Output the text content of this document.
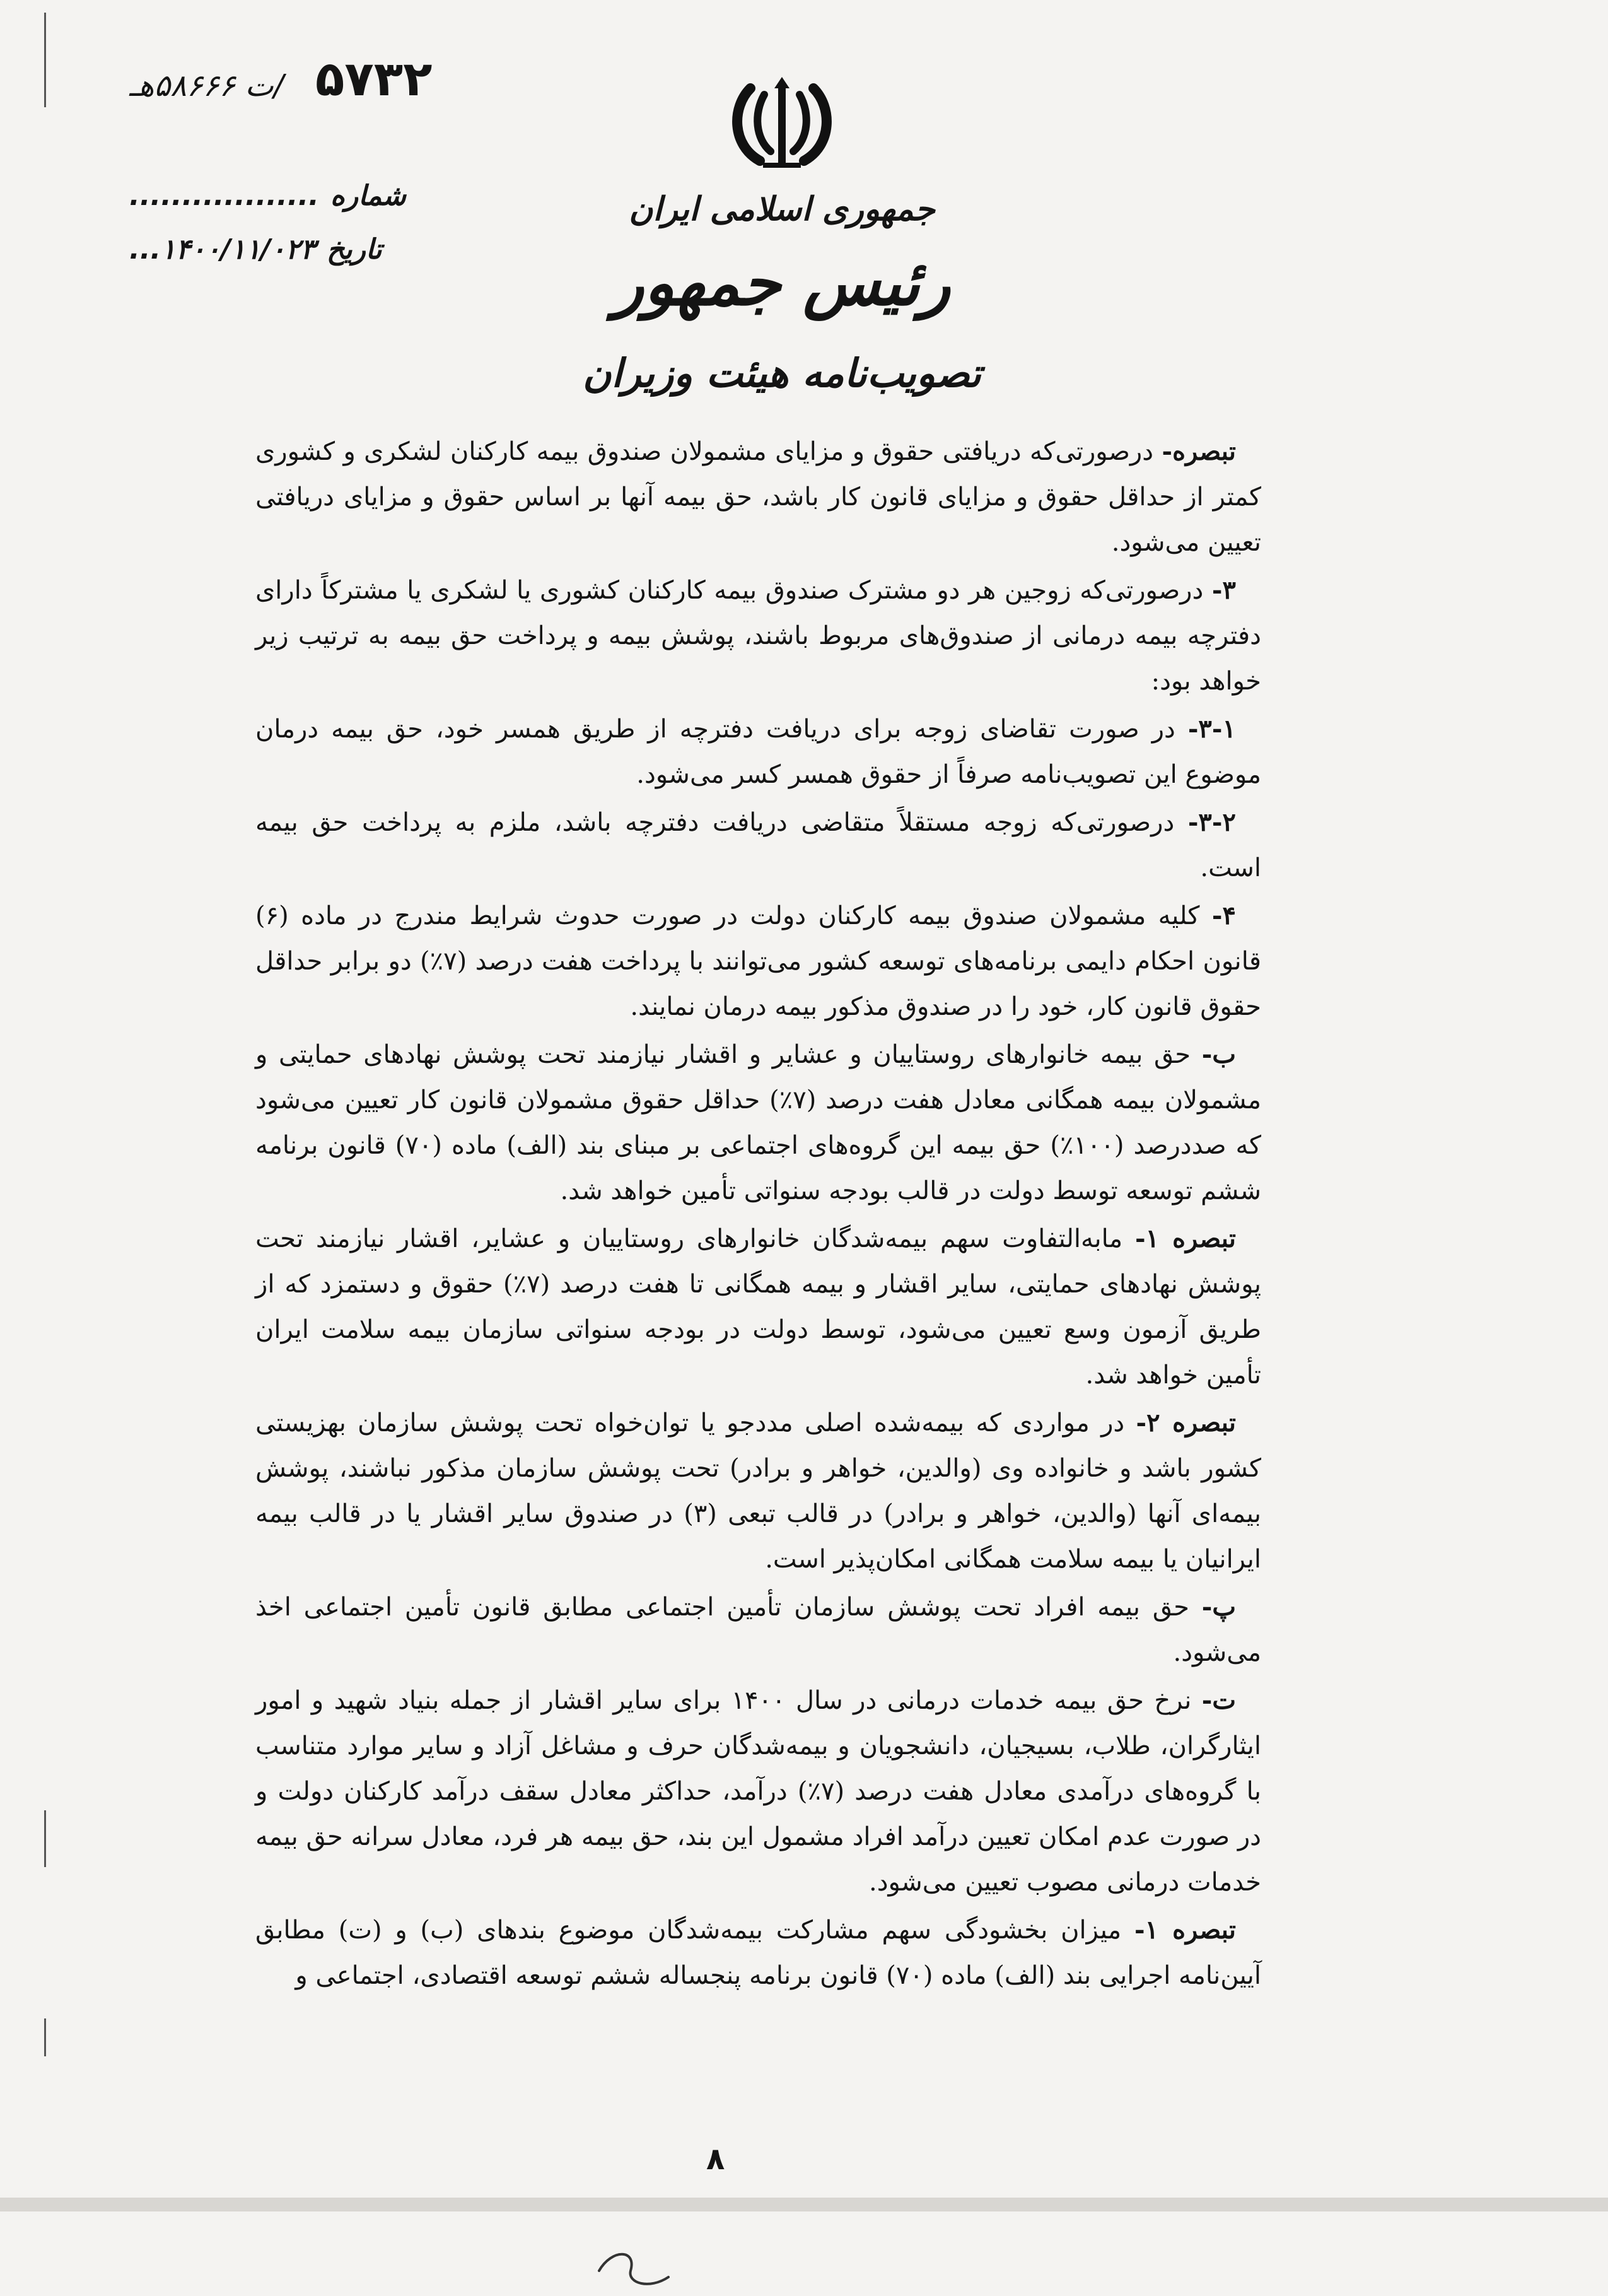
۵۷۳۲
/ت ۵۸۶۶۶هـ
شماره
..................
تاریخ
۱۴۰۰/۱۱/۰۲۳...
جمهوری اسلامی ایران
رئیس جمهور
تصویب‌نامه هیئت وزیران

تبصره- درصورتی‌که دریافتی حقوق و مزایای مشمولان صندوق بیمه کارکنان لشکری و کشوری کمتر از حداقل حقوق و مزایای قانون کار باشد، حق بیمه آنها بر اساس حقوق و مزایای دریافتی تعیین می‌شود.

۳- درصورتی‌که زوجین هر دو مشترک صندوق بیمه کارکنان کشوری یا لشکری یا مشترکاً دارای دفترچه بیمه درمانی از صندوق‌های مربوط باشند، پوشش بیمه و پرداخت حق بیمه به ترتیب زیر خواهد بود:

۳-۱- در صورت تقاضای زوجه برای دریافت دفترچه از طریق همسر خود، حق بیمه درمان موضوع این تصویب‌نامه صرفاً از حقوق همسر کسر می‌شود.

۳-۲- درصورتی‌که زوجه مستقلاً متقاضی دریافت دفترچه باشد، ملزم به پرداخت حق بیمه است.

۴- کلیه مشمولان صندوق بیمه کارکنان دولت در صورت حدوث شرایط مندرج در ماده (۶) قانون احکام دایمی برنامه‌های توسعه کشور می‌توانند با پرداخت هفت درصد (۷٪) دو برابر حداقل حقوق قانون کار، خود را در صندوق مذکور بیمه درمان نمایند.

ب- حق بیمه خانوارهای روستاییان و عشایر و اقشار نیازمند تحت پوشش نهادهای حمایتی و مشمولان بیمه همگانی معادل هفت درصد (۷٪) حداقل حقوق مشمولان قانون کار تعیین می‌شود که صددرصد (۱۰۰٪) حق بیمه این گروه‌های اجتماعی بر مبنای بند (الف) ماده (۷۰) قانون برنامه ششم توسعه توسط دولت در قالب بودجه سنواتی تأمین خواهد شد.

تبصره ۱- مابه‌التفاوت سهم بیمه‌شدگان خانوارهای روستاییان و عشایر، اقشار نیازمند تحت پوشش نهادهای حمایتی، سایر اقشار و بیمه همگانی تا هفت درصد (۷٪) حقوق و دستمزد که از طریق آزمون وسع تعیین می‌شود، توسط دولت در بودجه سنواتی سازمان بیمه سلامت ایران تأمین خواهد شد.

تبصره ۲- در مواردی که بیمه‌شده اصلی مددجو یا توان‌خواه تحت پوشش سازمان بهزیستی کشور باشد و خانواده وی (والدین، خواهر و برادر) تحت پوشش سازمان مذکور نباشند، پوشش بیمه‌ای آنها (والدین، خواهر و برادر) در قالب تبعی (۳) در صندوق سایر اقشار یا در قالب بیمه ایرانیان یا بیمه سلامت همگانی امکان‌پذیر است.

پ- حق بیمه افراد تحت پوشش سازمان تأمین اجتماعی مطابق قانون تأمین اجتماعی اخذ می‌شود.

ت- نرخ حق بیمه خدمات درمانی در سال ۱۴۰۰ برای سایر اقشار از جمله بنیاد شهید و امور ایثارگران، طلاب، بسیجیان، دانشجویان و بیمه‌شدگان حرف و مشاغل آزاد و سایر موارد متناسب با گروه‌های درآمدی معادل هفت درصد (۷٪) درآمد، حداکثر معادل سقف درآمد کارکنان دولت و در صورت عدم امکان تعیین درآمد افراد مشمول این بند، حق بیمه هر فرد، معادل سرانه حق بیمه خدمات درمانی مصوب تعیین می‌شود.

تبصره ۱- میزان بخشودگی سهم مشارکت بیمه‌شدگان موضوع بندهای (ب) و (ت) مطابق آیین‌نامه اجرایی بند (الف) ماده (۷۰) قانون برنامه پنجساله ششم توسعه اقتصادی، اجتماعی و

۸
